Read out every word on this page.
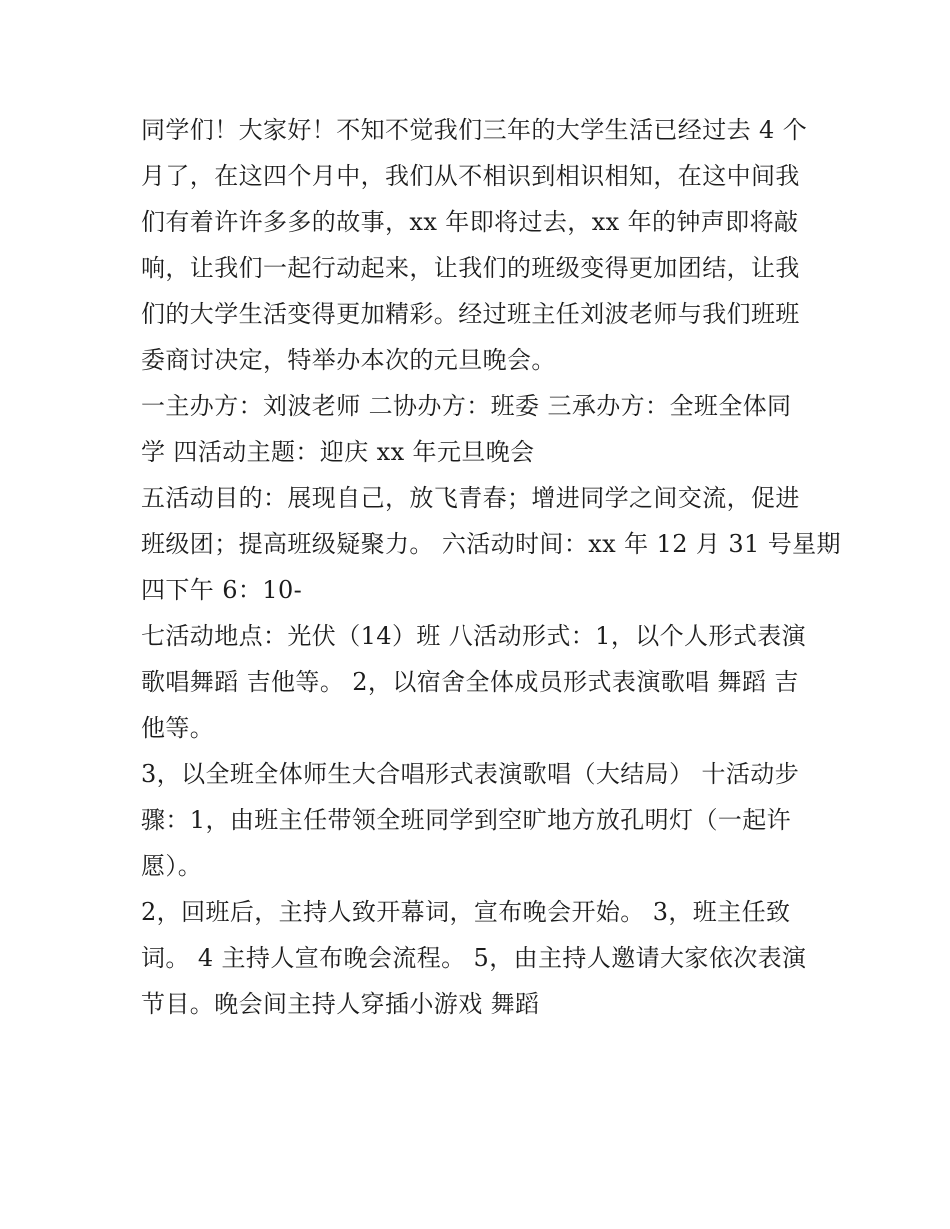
同学们！大家好！不知不觉我们三年的大学生活已经过去 4 个
月了，在这四个月中，我们从不相识到相识相知，在这中间我
们有着许许多多的故事，xx 年即将过去，xx 年的钟声即将敲
响，让我们一起行动起来，让我们的班级变得更加团结，让我
们的大学生活变得更加精彩。经过班主任刘波老师与我们班班
委商讨决定，特举办本次的元旦晚会。
一主办方：刘波老师 二协办方：班委 三承办方：全班全体同
学 四活动主题：迎庆 xx 年元旦晚会
五活动目的：展现自己，放飞青春；增进同学之间交流，促进
班级团；提高班级疑聚力。 六活动时间：xx 年 12 月 31 号星期
四下午 6：10-
七活动地点：光伏（14）班 八活动形式：1，以个人形式表演
歌唱舞蹈 吉他等。 2，以宿舍全体成员形式表演歌唱 舞蹈 吉
他等。
3，以全班全体师生大合唱形式表演歌唱（大结局） 十活动步
骤：1，由班主任带领全班同学到空旷地方放孔明灯（一起许
愿）。
2，回班后，主持人致开幕词，宣布晚会开始。 3，班主任致
词。 4 主持人宣布晚会流程。 5，由主持人邀请大家依次表演
节目。晚会间主持人穿插小游戏 舞蹈
